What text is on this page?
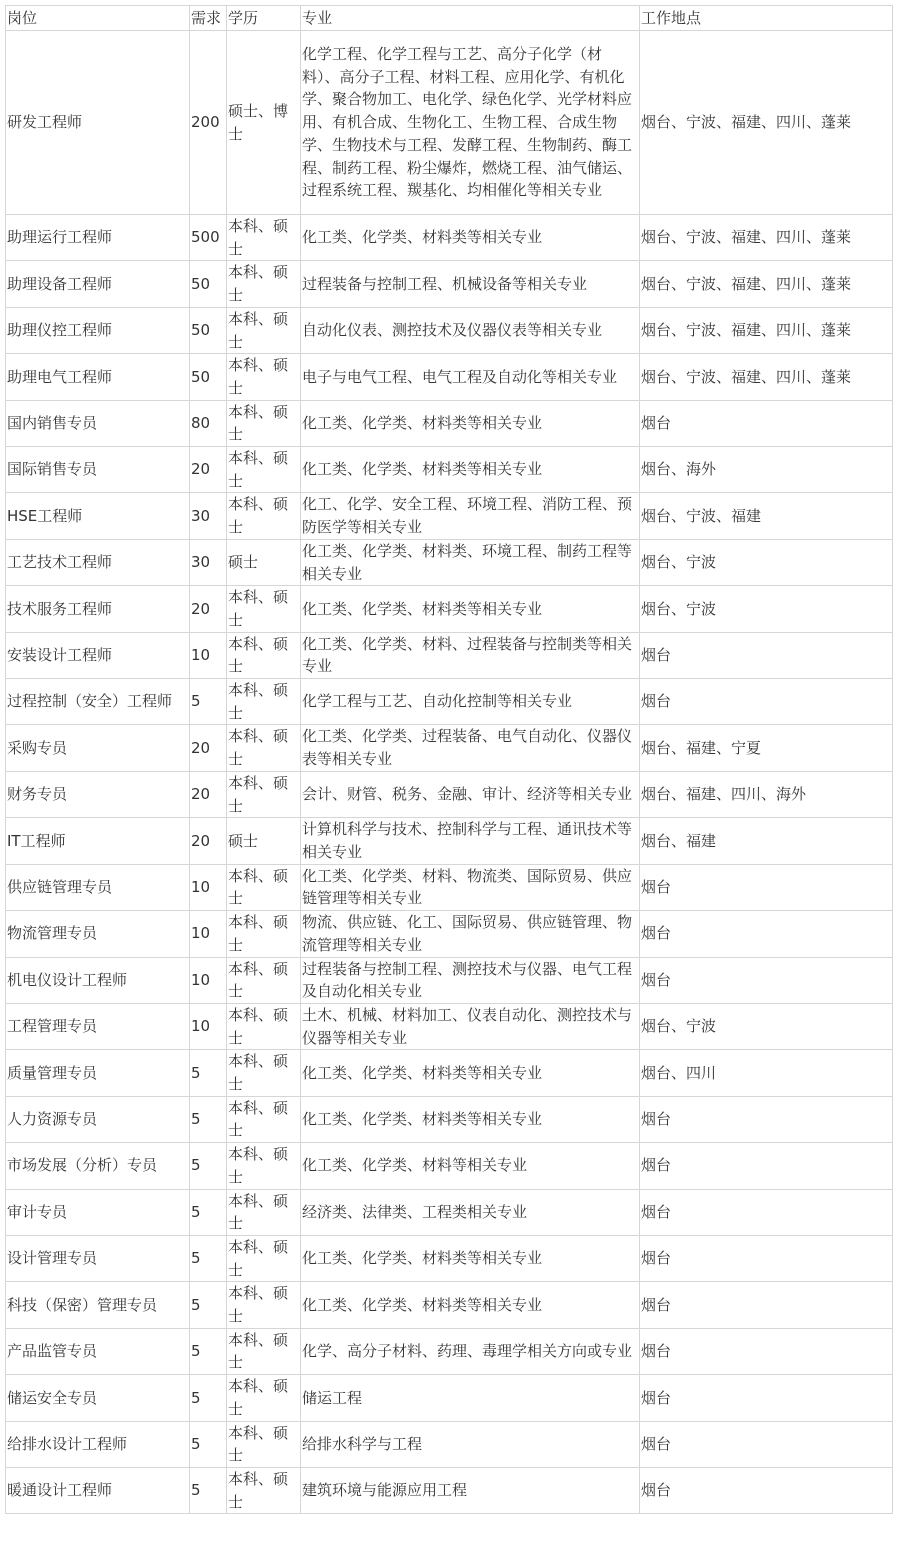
岗位	需求	学历	专业	工作地点
研发工程师	200	硕士、博士	化学工程、化学工程与工艺、高分子化学（材料）、高分子工程、材料工程、应用化学、有机化学、聚合物加工、电化学、绿色化学、光学材料应用、有机合成、生物化工、生物工程、合成生物学、生物技术与工程、发酵工程、生物制药、酶工程、制药工程、粉尘爆炸，燃烧工程、油气储运、过程系统工程、羰基化、均相催化等相关专业	烟台、宁波、福建、四川、蓬莱
助理运行工程师	500	本科、硕士	化工类、化学类、材料类等相关专业	烟台、宁波、福建、四川、蓬莱
助理设备工程师	50	本科、硕士	过程装备与控制工程、机械设备等相关专业	烟台、宁波、福建、四川、蓬莱
助理仪控工程师	50	本科、硕士	自动化仪表、测控技术及仪器仪表等相关专业	烟台、宁波、福建、四川、蓬莱
助理电气工程师	50	本科、硕士	电子与电气工程、电气工程及自动化等相关专业	烟台、宁波、福建、四川、蓬莱
国内销售专员	80	本科、硕士	化工类、化学类、材料类等相关专业	烟台
国际销售专员	20	本科、硕士	化工类、化学类、材料类等相关专业	烟台、海外
HSE工程师	30	本科、硕士	化工、化学、安全工程、环境工程、消防工程、预防医学等相关专业	烟台、宁波、福建
工艺技术工程师	30	硕士	化工类、化学类、材料类、环境工程、制药工程等相关专业	烟台、宁波
技术服务工程师	20	本科、硕士	化工类、化学类、材料类等相关专业	烟台、宁波
安装设计工程师	10	本科、硕士	化工类、化学类、材料、过程装备与控制类等相关专业	烟台
过程控制（安全）工程师	5	本科、硕士	化学工程与工艺、自动化控制等相关专业	烟台
采购专员	20	本科、硕士	化工类、化学类、过程装备、电气自动化、仪器仪表等相关专业	烟台、福建、宁夏
财务专员	20	本科、硕士	会计、财管、税务、金融、审计、经济等相关专业	烟台、福建、四川、海外
IT工程师	20	硕士	计算机科学与技术、控制科学与工程、通讯技术等相关专业	烟台、福建
供应链管理专员	10	本科、硕士	化工类、化学类、材料、物流类、国际贸易、供应链管理等相关专业	烟台
物流管理专员	10	本科、硕士	物流、供应链、化工、国际贸易、供应链管理、物流管理等相关专业	烟台
机电仪设计工程师	10	本科、硕士	过程装备与控制工程、测控技术与仪器、电气工程及自动化相关专业	烟台
工程管理专员	10	本科、硕士	土木、机械、材料加工、仪表自动化、测控技术与仪器等相关专业	烟台、宁波
质量管理专员	5	本科、硕士	化工类、化学类、材料类等相关专业	烟台、四川
人力资源专员	5	本科、硕士	化工类、化学类、材料类等相关专业	烟台
市场发展（分析）专员	5	本科、硕士	化工类、化学类、材料等相关专业	烟台
审计专员	5	本科、硕士	经济类、法律类、工程类相关专业	烟台
设计管理专员	5	本科、硕士	化工类、化学类、材料类等相关专业	烟台
科技（保密）管理专员	5	本科、硕士	化工类、化学类、材料类等相关专业	烟台
产品监管专员	5	本科、硕士	化学、高分子材料、药理、毒理学相关方向或专业	烟台
储运安全专员	5	本科、硕士	储运工程	烟台
给排水设计工程师	5	本科、硕士	给排水科学与工程	烟台
暖通设计工程师	5	本科、硕士	建筑环境与能源应用工程	烟台
